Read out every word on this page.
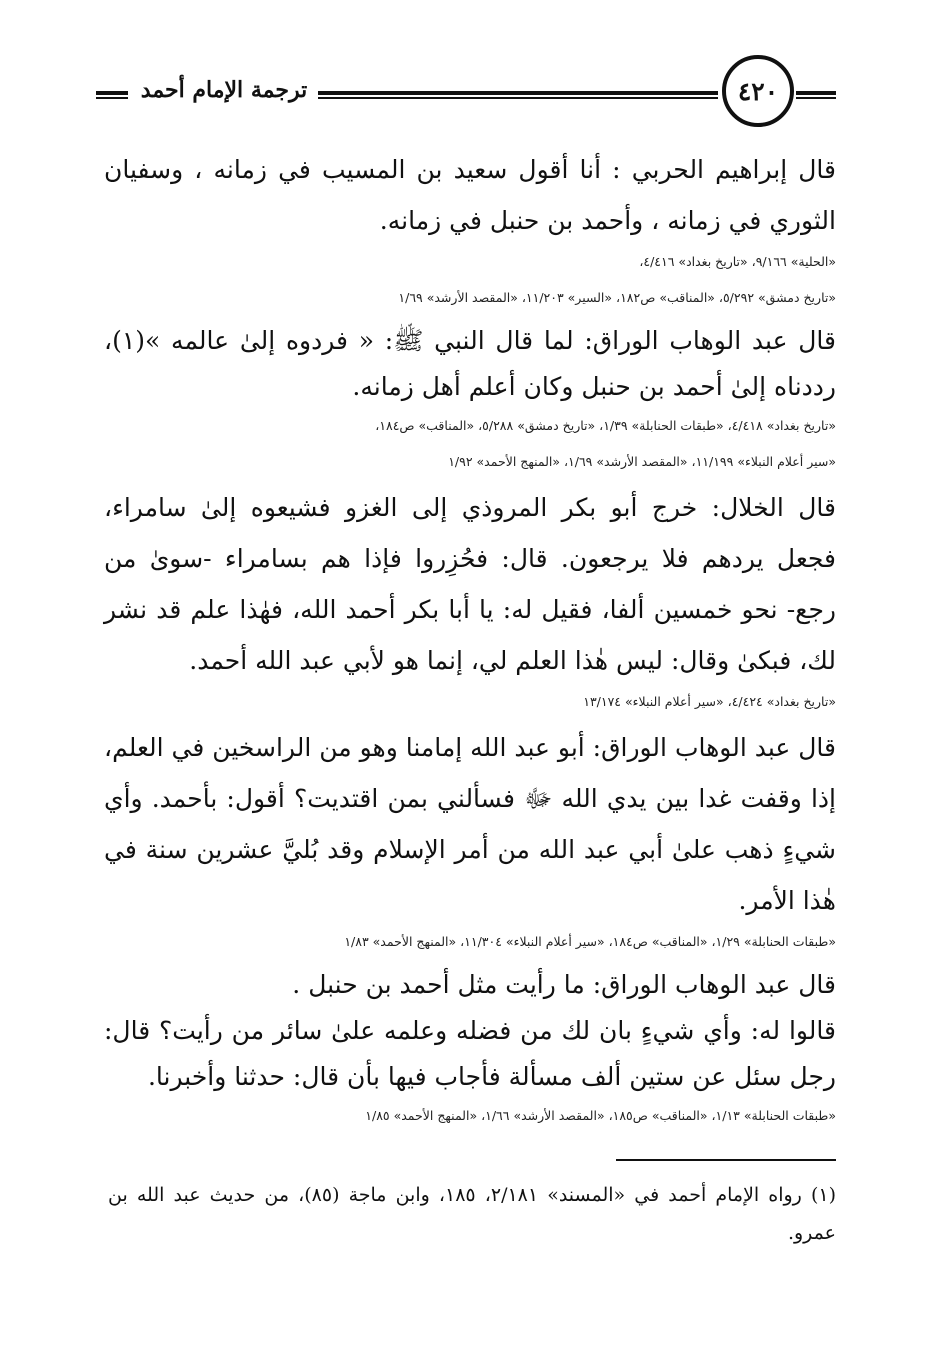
ترجمة الإمام أحمد	٤٢٠

قال إبراهيم الحربي : أنا أقول سعيد بن المسيب في زمانه ، وسفيان الثوري في زمانه ، وأحمد بن حنبل في زمانه.

«الحلية» ٩/١٦٦، «تاريخ بغداد» ٤/٤١٦،

«تاريخ دمشق» ٥/٢٩٢، «المناقب» ص١٨٢، «السير» ١١/٢٠٣، «المقصد الأرشد» ١/٦٩

قال عبد الوهاب الوراق: لما قال النبي ﷺ: « فردوه إلىٰ عالمه »(١)، رددناه إلىٰ أحمد بن حنبل وكان أعلم أهل زمانه.

«تاريخ بغداد» ٤/٤١٨، «طبقات الحنابلة» ١/٣٩، «تاريخ دمشق» ٥/٢٨٨، «المناقب» ص١٨٤،

«سير أعلام النبلاء» ١١/١٩٩، «المقصد الأرشد» ١/٦٩، «المنهج الأحمد» ١/٩٢

قال الخلال: خرج أبو بكر المروذي إلى الغزو فشيعوه إلىٰ سامراء، فجعل يردهم فلا يرجعون. قال: فحُزِروا فإذا هم بسامراء -سوىٰ من رجع- نحو خمسين ألفا، فقيل له: يا أبا بكر أحمد الله، فهٰذا علم قد نشر لك، فبكىٰ وقال: ليس هٰذا العلم لي، إنما هو لأبي عبد الله أحمد.

«تاريخ بغداد» ٤/٤٢٤، «سير أعلام النبلاء» ١٣/١٧٤

قال عبد الوهاب الوراق: أبو عبد الله إمامنا وهو من الراسخين في العلم، إذا وقفت غدا بين يدي الله ﷻ فسألني بمن اقتديت؟ أقول: بأحمد. وأي شيءٍ ذهب علىٰ أبي عبد الله من أمر الإسلام وقد بُليَّ عشرين سنة في هٰذا الأمر.

«طبقات الحنابلة» ١/٢٩، «المناقب» ص١٨٤، «سير أعلام النبلاء» ١١/٣٠٤، «المنهج الأحمد» ١/٨٣

قال عبد الوهاب الوراق: ما رأيت مثل أحمد بن حنبل .

قالوا له: وأي شيءٍ بان لك من فضله وعلمه علىٰ سائر من رأيت؟ قال: رجل سئل عن ستين ألف مسألة فأجاب فيها بأن قال: حدثنا وأخبرنا.

«طبقات الحنابلة» ١/١٣، «المناقب» ص١٨٥، «المقصد الأرشد» ١/٦٦، «المنهج الأحمد» ١/٨٥

(١) رواه الإمام أحمد في «المسند» ٢/١٨١، ١٨٥، وابن ماجة (٨٥)، من حديث عبد الله بن عمرو.
